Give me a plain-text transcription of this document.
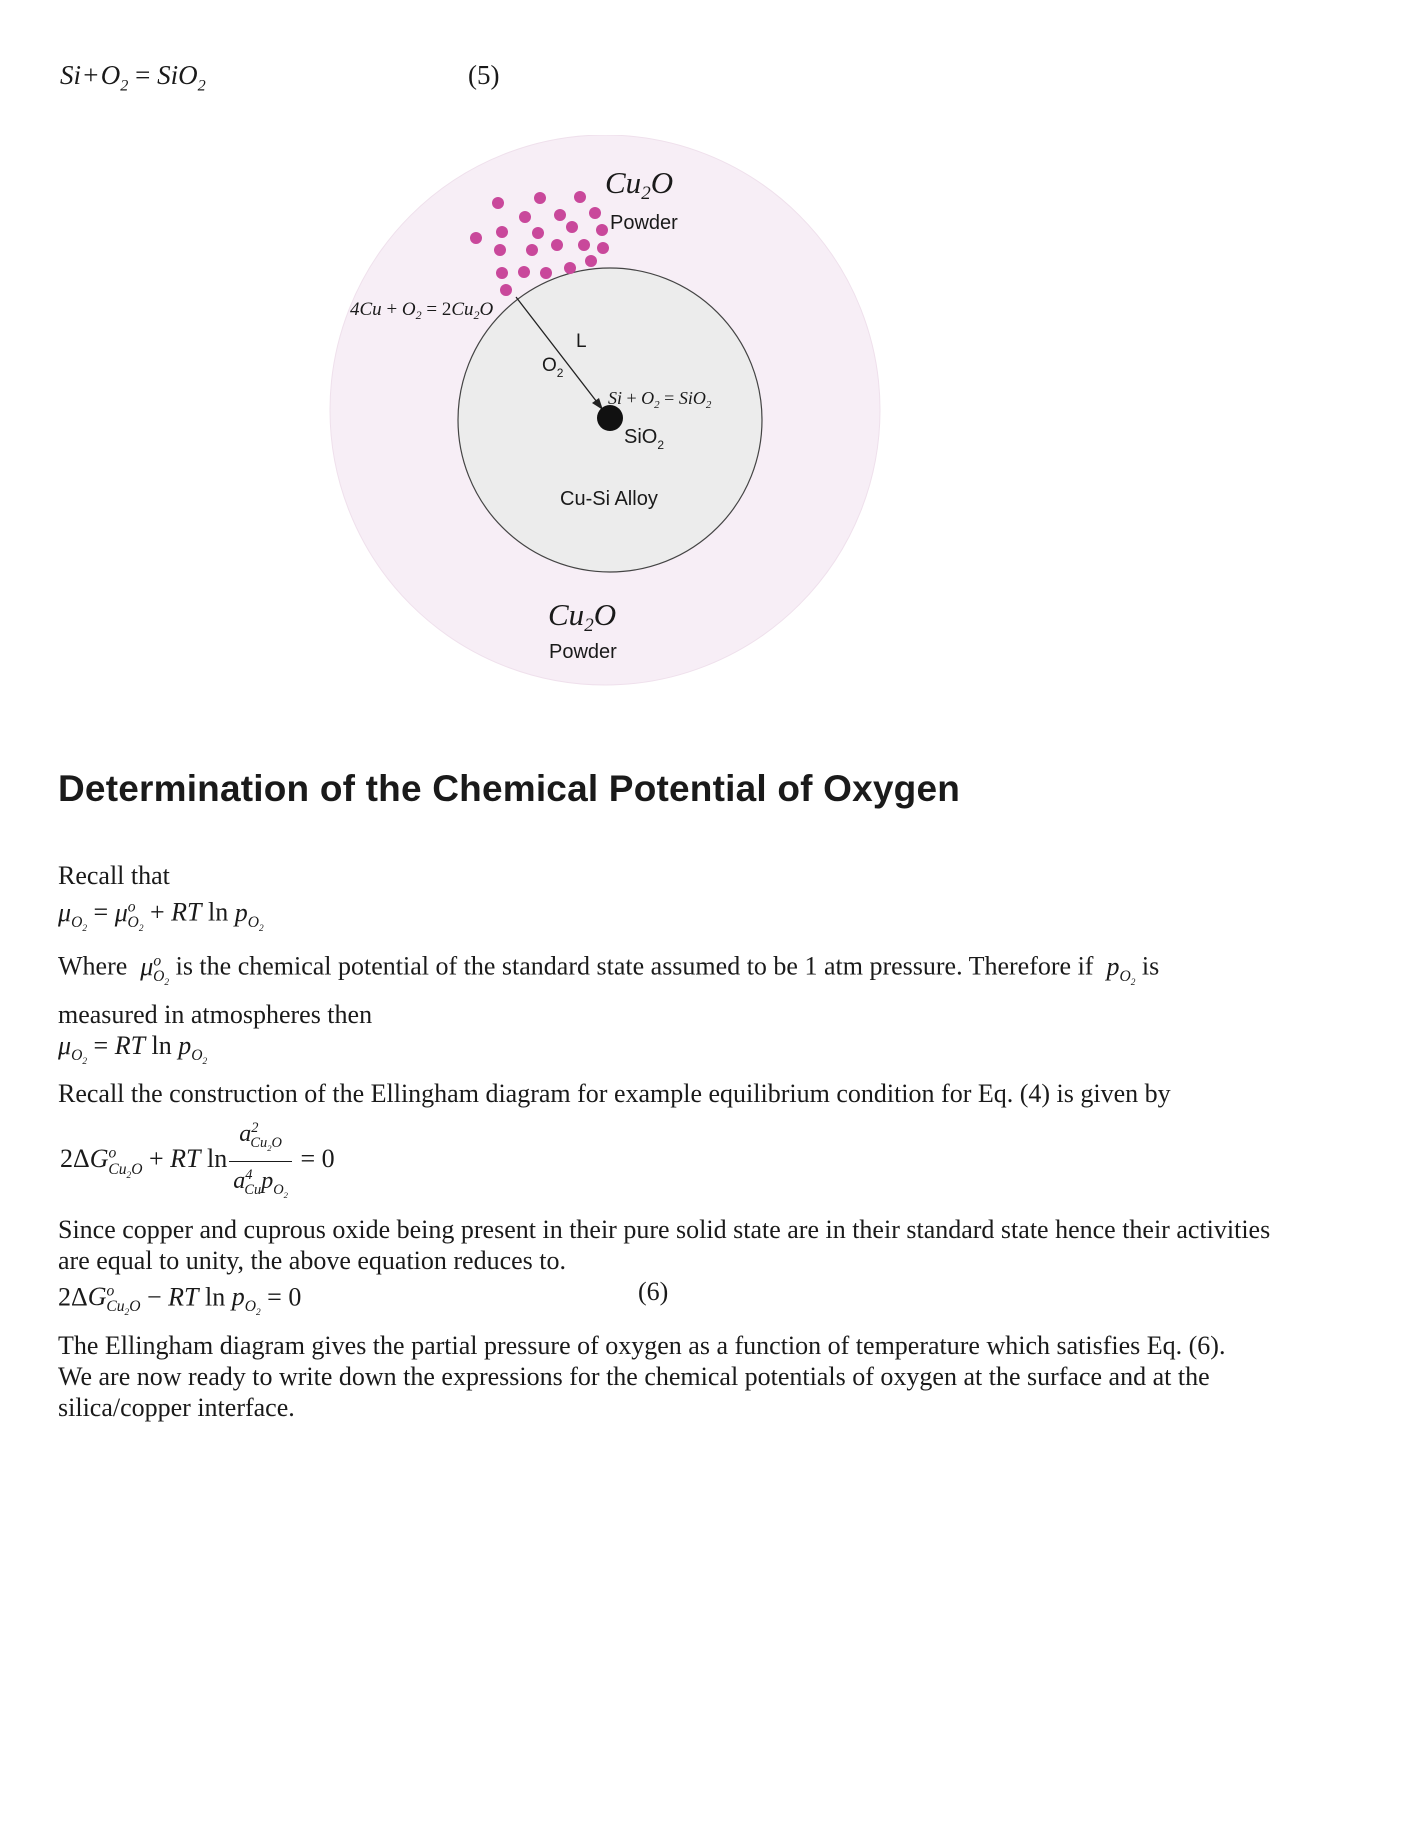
Si + $O_2 = SiO_2$	(5)
Cu2O
Powder
$4Cu + O_2 = 2Cu_2O$
L
$O_2$
$Si + O_2 = SiO_2$
SiO$_2$
Cu-Si Alloy
Cu2O
Powder
Determination of the Chemical Potential of Oxygen
Recall that
$\mu_{O_2} = \mu^o_{O_2}$ + RT $\ln p_{O_2}$
Where  $\mu^o_{O_2}$ is the chemical potential of the standard state assumed to be 1 atm pressure. Therefore if  $p_{O_2}$ is
measured in atmospheres then
$\mu_{O_2}$ = RT $\ln p_{O_2}$
Recall the construction of the Ellingham diagram for example equilibrium condition for Eq. (4) is given by
$2\Delta G^o_{Cu_2O}$ + RT $\ln \frac{a^2_{Cu_2O}}{a^4_{Cu}p_{O_2}} = 0$
Since copper and cuprous oxide being present in their pure solid state are in their standard state hence their activities
are equal to unity, the above equation reduces to.
$2\Delta G^o_{Cu_2O}$ − RT $\ln p_{O_2} = 0$	(6)
The Ellingham diagram gives the partial pressure of oxygen as a function of temperature which satisfies Eq. (6).
We are now ready to write down the expressions for the chemical potentials of oxygen at the surface and at the
silica/copper interface.
